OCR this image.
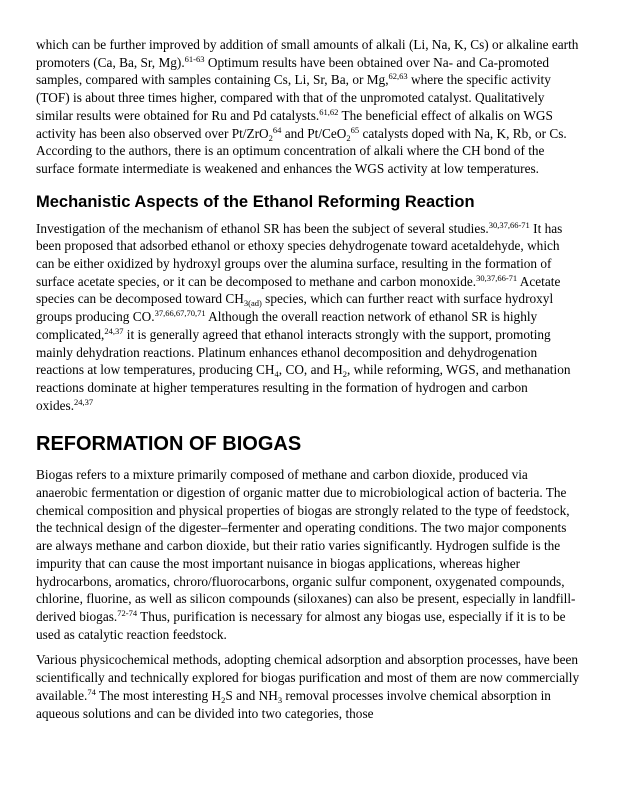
which can be further improved by addition of small amounts of alkali (Li, Na, K, Cs) or alkaline earth promoters (Ca, Ba, Sr, Mg).$^{61-63}$ Optimum results have been obtained over Na- and Ca-promoted samples, compared with samples containing Cs, Li, Sr, Ba, or Mg,$^{62,63}$ where the specific activity (TOF) is about three times higher, compared with that of the unpromoted catalyst. Qualitatively similar results were obtained for Ru and Pd catalysts.$^{61,62}$ The beneficial effect of alkalis on WGS activity has been also observed over Pt/ZrO$_2^{64}$ and Pt/CeO$_2^{65}$ catalysts doped with Na, K, Rb, or Cs. According to the authors, there is an optimum concentration of alkali where the CH bond of the surface formate intermediate is weakened and enhances the WGS activity at low temperatures.

Mechanistic Aspects of the Ethanol Reforming Reaction

Investigation of the mechanism of ethanol SR has been the subject of several studies.$^{30,37,66-71}$ It has been proposed that adsorbed ethanol or ethoxy species dehydrogenate toward acetaldehyde, which can be either oxidized by hydroxyl groups over the alumina surface, resulting in the formation of surface acetate species, or it can be decomposed to methane and carbon monoxide.$^{30,37,66-71}$ Acetate species can be decomposed toward $CH_{3(ad)}$ species, which can further react with surface hydroxyl groups producing CO.$^{37,66,67,70,71}$ Although the overall reaction network of ethanol SR is highly complicated,$^{24,37}$ it is generally agreed that ethanol interacts strongly with the support, promoting mainly dehydration reactions. Platinum enhances ethanol decomposition and dehydrogenation reactions at low temperatures, producing $CH_4$, CO, and $H_2$, while reforming, WGS, and methanation reactions dominate at higher temperatures resulting in the formation of hydrogen and carbon oxides.$^{24,37}$

REFORMATION OF BIOGAS

Biogas refers to a mixture primarily composed of methane and carbon dioxide, produced via anaerobic fermentation or digestion of organic matter due to microbiological action of bacteria. The chemical composition and physical properties of biogas are strongly related to the type of feedstock, the technical design of the digester–fermenter and operating conditions. The two major components are always methane and carbon dioxide, but their ratio varies significantly. Hydrogen sulfide is the impurity that can cause the most important nuisance in biogas applications, whereas higher hydrocarbons, aromatics, chroro/fluorocarbons, organic sulfur component, oxygenated compounds, chlorine, fluorine, as well as silicon compounds (siloxanes) can also be present, especially in landfill-derived biogas.$^{72-74}$ Thus, purification is necessary for almost any biogas use, especially if it is to be used as catalytic reaction feedstock.

Various physicochemical methods, adopting chemical adsorption and absorption processes, have been scientifically and technically explored for biogas purification and most of them are now commercially available.$^{74}$ The most interesting $H_2S$ and $NH_3$ removal processes involve chemical absorption in aqueous solutions and can be divided into two categories, those
